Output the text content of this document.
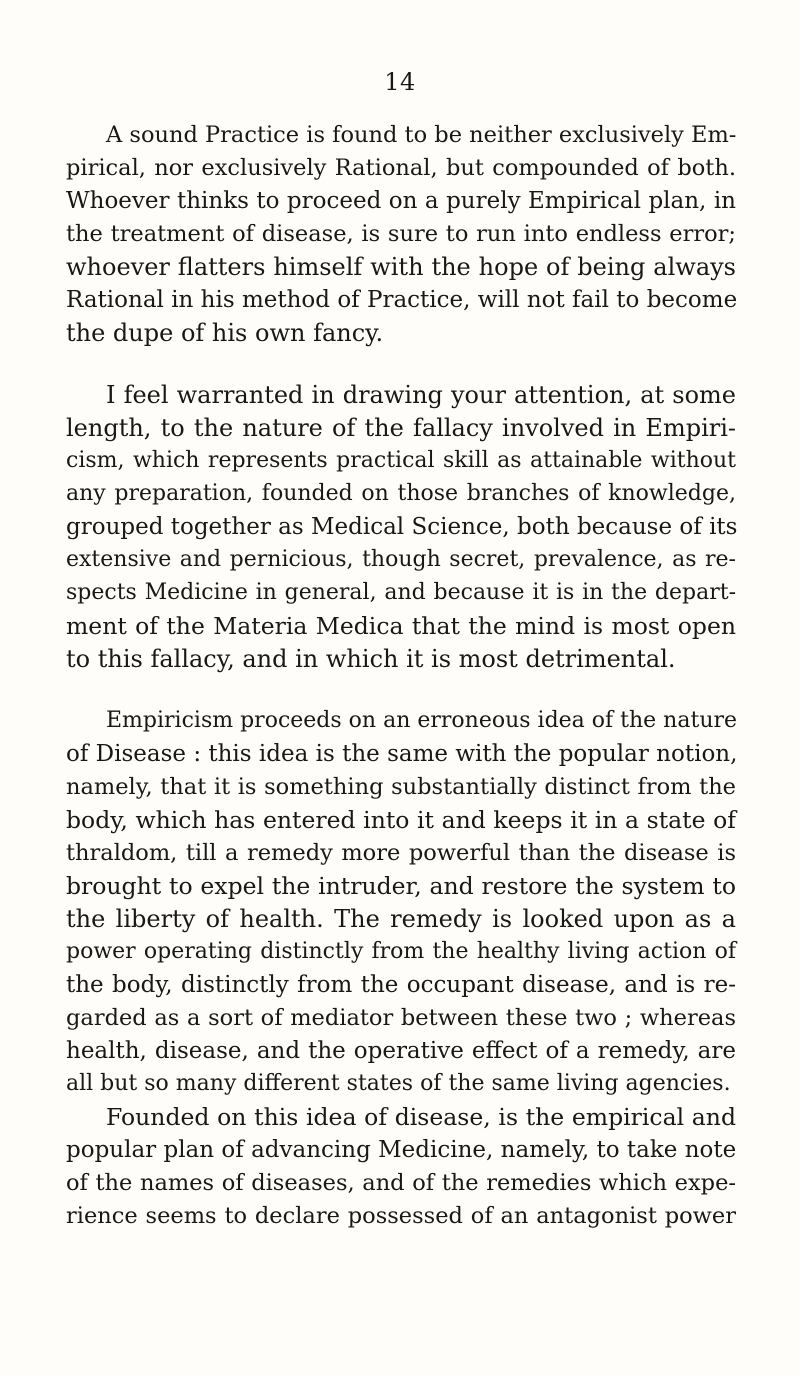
14
A sound Practice is found to be neither exclusively Em-
pirical, nor exclusively Rational, but compounded of both.
Whoever thinks to proceed on a purely Empirical plan, in
the treatment of disease, is sure to run into endless error;
whoever flatters himself with the hope of being always
Rational in his method of Practice, will not fail to become
the dupe of his own fancy.
I feel warranted in drawing your attention, at some
length, to the nature of the fallacy involved in Empiri-
cism, which represents practical skill as attainable without
any preparation, founded on those branches of knowledge,
grouped together as Medical Science, both because of its
extensive and pernicious, though secret, prevalence, as re-
spects Medicine in general, and because it is in the depart-
ment of the Materia Medica that the mind is most open
to this fallacy, and in which it is most detrimental.
Empiricism proceeds on an erroneous idea of the nature
of Disease : this idea is the same with the popular notion,
namely, that it is something substantially distinct from the
body, which has entered into it and keeps it in a state of
thraldom, till a remedy more powerful than the disease is
brought to expel the intruder, and restore the system to
the liberty of health. The remedy is looked upon as a
power operating distinctly from the healthy living action of
the body, distinctly from the occupant disease, and is re-
garded as a sort of mediator between these two ; whereas
health, disease, and the operative effect of a remedy, are
all but so many different states of the same living agencies.
Founded on this idea of disease, is the empirical and
popular plan of advancing Medicine, namely, to take note
of the names of diseases, and of the remedies which expe-
rience seems to declare possessed of an antagonist power
